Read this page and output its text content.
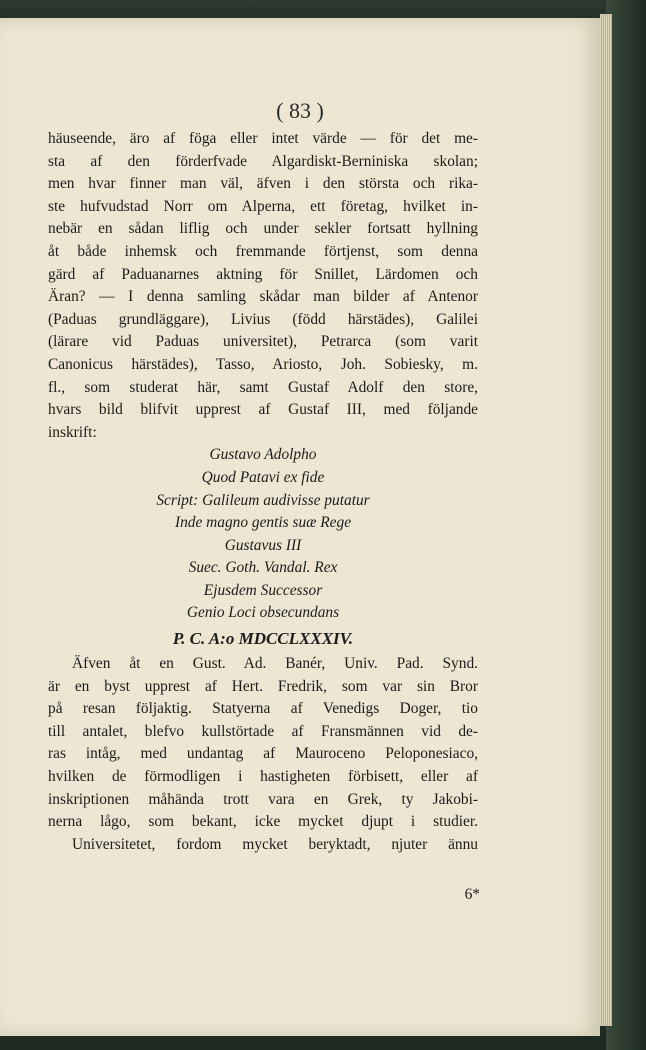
( 83 )

häuseende, äro af föga eller intet värde — för det me-

sta af den förderfvade Algardiskt-Berniniska skolan;

men hvar finner man väl, äfven i den största och rika-

ste hufvudstad Norr om Alperna, ett företag, hvilket in-

nebär en sådan liflig och under sekler fortsatt hyllning

åt både inhemsk och fremmande förtjenst, som denna

gärd af Paduanarnes aktning för Snillet, Lärdomen och

Äran? — I denna samling skådar man bilder af Antenor

(Paduas grundläggare), Livius (född härstädes), Galilei

(lärare vid Paduas universitet), Petrarca (som varit

Canonicus härstädes), Tasso, Ariosto, Joh. Sobiesky, m.

fl., som studerat här, samt Gustaf Adolf den store,

hvars bild blifvit upprest af Gustaf III, med följande

inskrift:

Gustavo Adolpho
Quod Patavi ex fide
Script: Galileum audivisse putatur
Inde magno gentis suæ Rege
Gustavus III
Suec. Goth. Vandal. Rex
Ejusdem Successor
Genio Loci obsecundans
P. C. A:o MDCCLXXXIV.

Äfven åt en Gust. Ad. Banér, Univ. Pad. Synd.

är en byst upprest af Hert. Fredrik, som var sin Bror

på resan följaktig. Statyerna af Venedigs Doger, tio

till antalet, blefvo kullstörtade af Fransmännen vid de-

ras intåg, med undantag af Mauroceno Peloponesiaco,

hvilken de förmodligen i hastigheten förbisett, eller af

inskriptionen måhända trott vara en Grek, ty Jakobi-

nerna lågo, som bekant, icke mycket djupt i studier.

Universitetet, fordom mycket beryktadt, njuter ännu

6*
